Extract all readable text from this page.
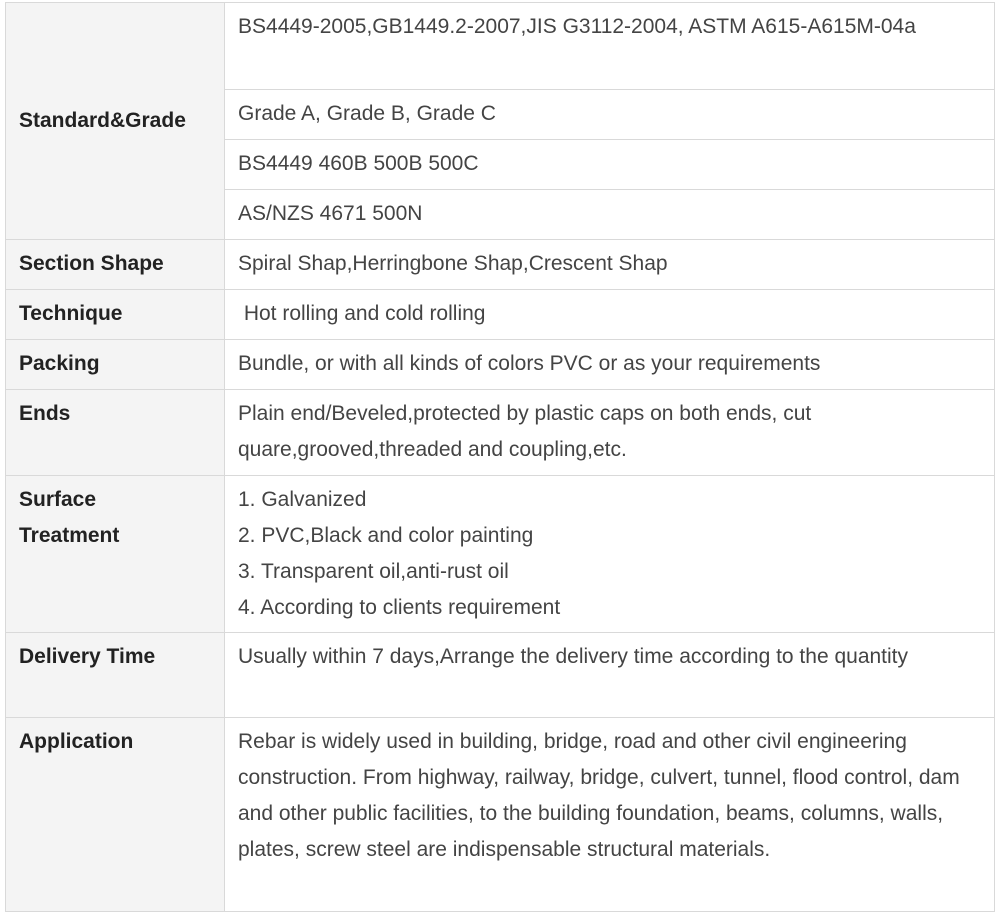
Standard&Grade	BS4449-2005,GB1449.2-2007,JIS G3112-2004, ASTM A615-A615M-04a
	Grade A, Grade B, Grade C
	BS4449 460B 500B 500C
	AS/NZS 4671 500N
Section Shape	Spiral Shap,Herringbone Shap,Crescent Shap
Technique	Hot rolling and cold rolling
Packing	Bundle, or with all kinds of colors PVC or as your requirements
Ends	Plain end/Beveled,protected by plastic caps on both ends, cut quare,grooved,threaded and coupling,etc.
Surface Treatment	1. Galvanized
2. PVC,Black and color painting
3. Transparent oil,anti-rust oil
4. According to clients requirement

Delivery Time	Usually within 7 days,Arrange the delivery time according to the quantity
Application	Rebar is widely used in building, bridge, road and other civil engineering construction. From highway, railway, bridge, culvert, tunnel, flood control, dam and other public facilities, to the building foundation, beams, columns, walls, plates, screw steel are indispensable structural materials.
